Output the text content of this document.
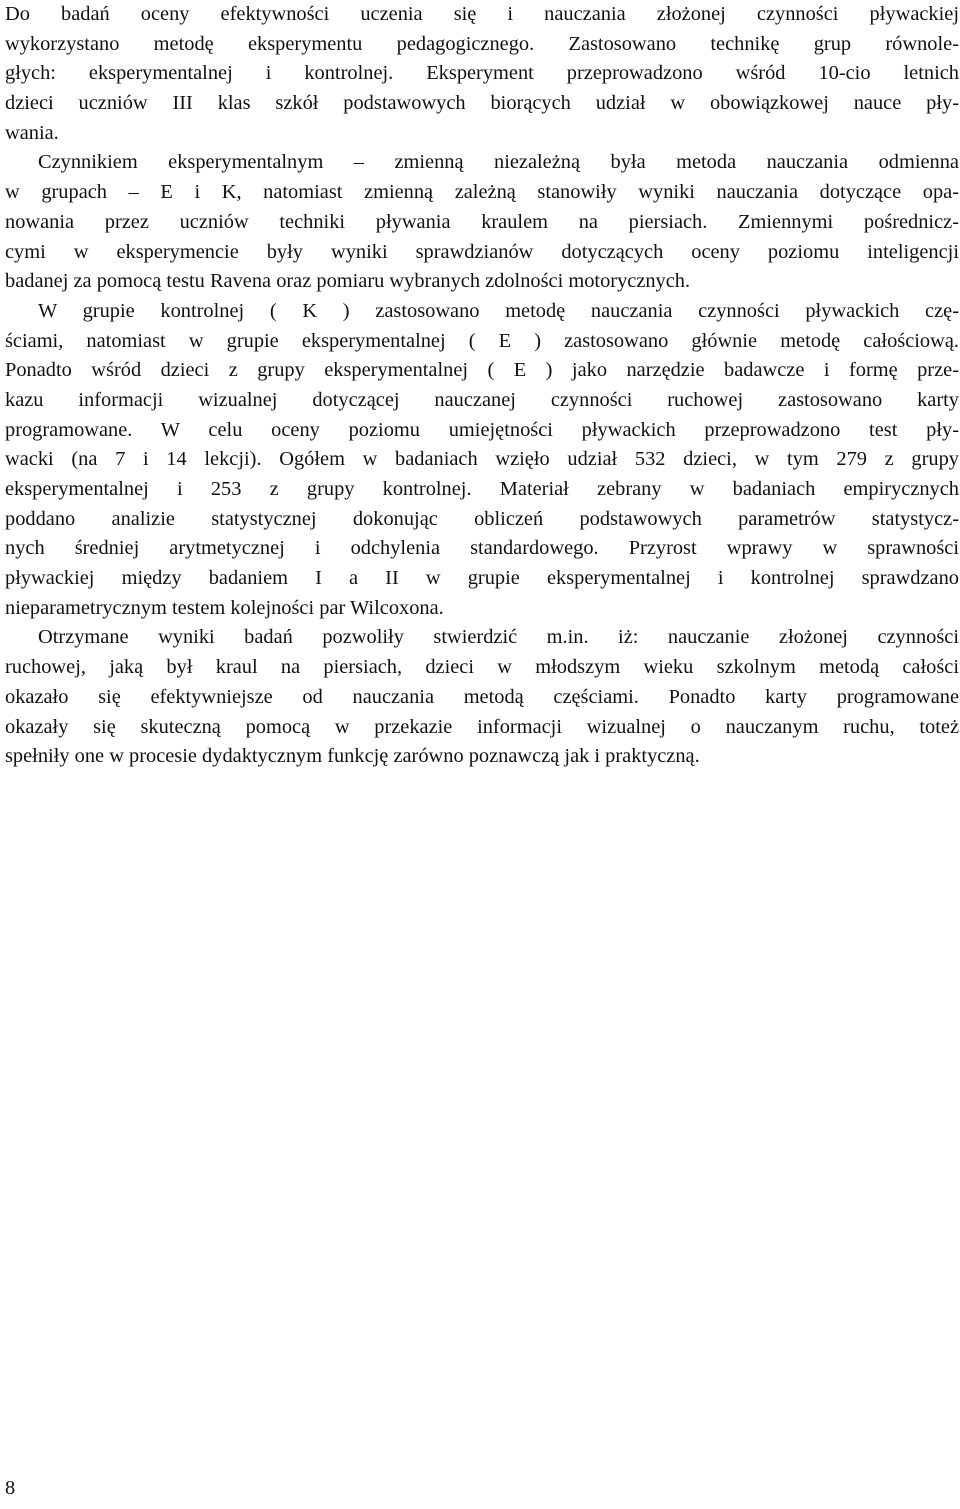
Do badań oceny efektywności uczenia się i nauczania złożonej czynności pływackiej
wykorzystano metodę eksperymentu pedagogicznego. Zastosowano technikę grup równole-
głych: eksperymentalnej i kontrolnej. Eksperyment przeprowadzono wśród 10-cio letnich
dzieci uczniów III klas szkół podstawowych biorących udział w obowiązkowej nauce pły-
wania.
Czynnikiem eksperymentalnym – zmienną niezależną była metoda nauczania odmienna
w grupach – E i K, natomiast zmienną zależną stanowiły wyniki nauczania dotyczące opa-
nowania przez uczniów techniki pływania kraulem na piersiach. Zmiennymi pośrednicz-
cymi w eksperymencie były wyniki sprawdzianów dotyczących oceny poziomu inteligencji
badanej za pomocą testu Ravena oraz pomiaru wybranych zdolności motorycznych.
W grupie kontrolnej ( K ) zastosowano metodę nauczania czynności pływackich czę-
ściami, natomiast w grupie eksperymentalnej ( E ) zastosowano głównie metodę całościową.
Ponadto wśród dzieci z grupy eksperymentalnej ( E ) jako narzędzie badawcze i formę prze-
kazu informacji wizualnej dotyczącej nauczanej czynności ruchowej zastosowano karty
programowane. W celu oceny poziomu umiejętności pływackich przeprowadzono test pły-
wacki (na 7 i 14 lekcji). Ogółem w badaniach wzięło udział 532 dzieci, w tym 279 z grupy
eksperymentalnej i 253 z grupy kontrolnej. Materiał zebrany w badaniach empirycznych
poddano analizie statystycznej dokonując obliczeń podstawowych parametrów statystycz-
nych średniej arytmetycznej i odchylenia standardowego. Przyrost wprawy w sprawności
pływackiej między badaniem I a II w grupie eksperymentalnej i kontrolnej sprawdzano
nieparametrycznym testem kolejności par Wilcoxona.
Otrzymane wyniki badań pozwoliły stwierdzić m.in. iż: nauczanie złożonej czynności
ruchowej, jaką był kraul na piersiach, dzieci w młodszym wieku szkolnym metodą całości
okazało się efektywniejsze od nauczania metodą częściami. Ponadto karty programowane
okazały się skuteczną pomocą w przekazie informacji wizualnej o nauczanym ruchu, toteż
spełniły one w procesie dydaktycznym funkcję zarówno poznawczą jak i praktyczną.
8
